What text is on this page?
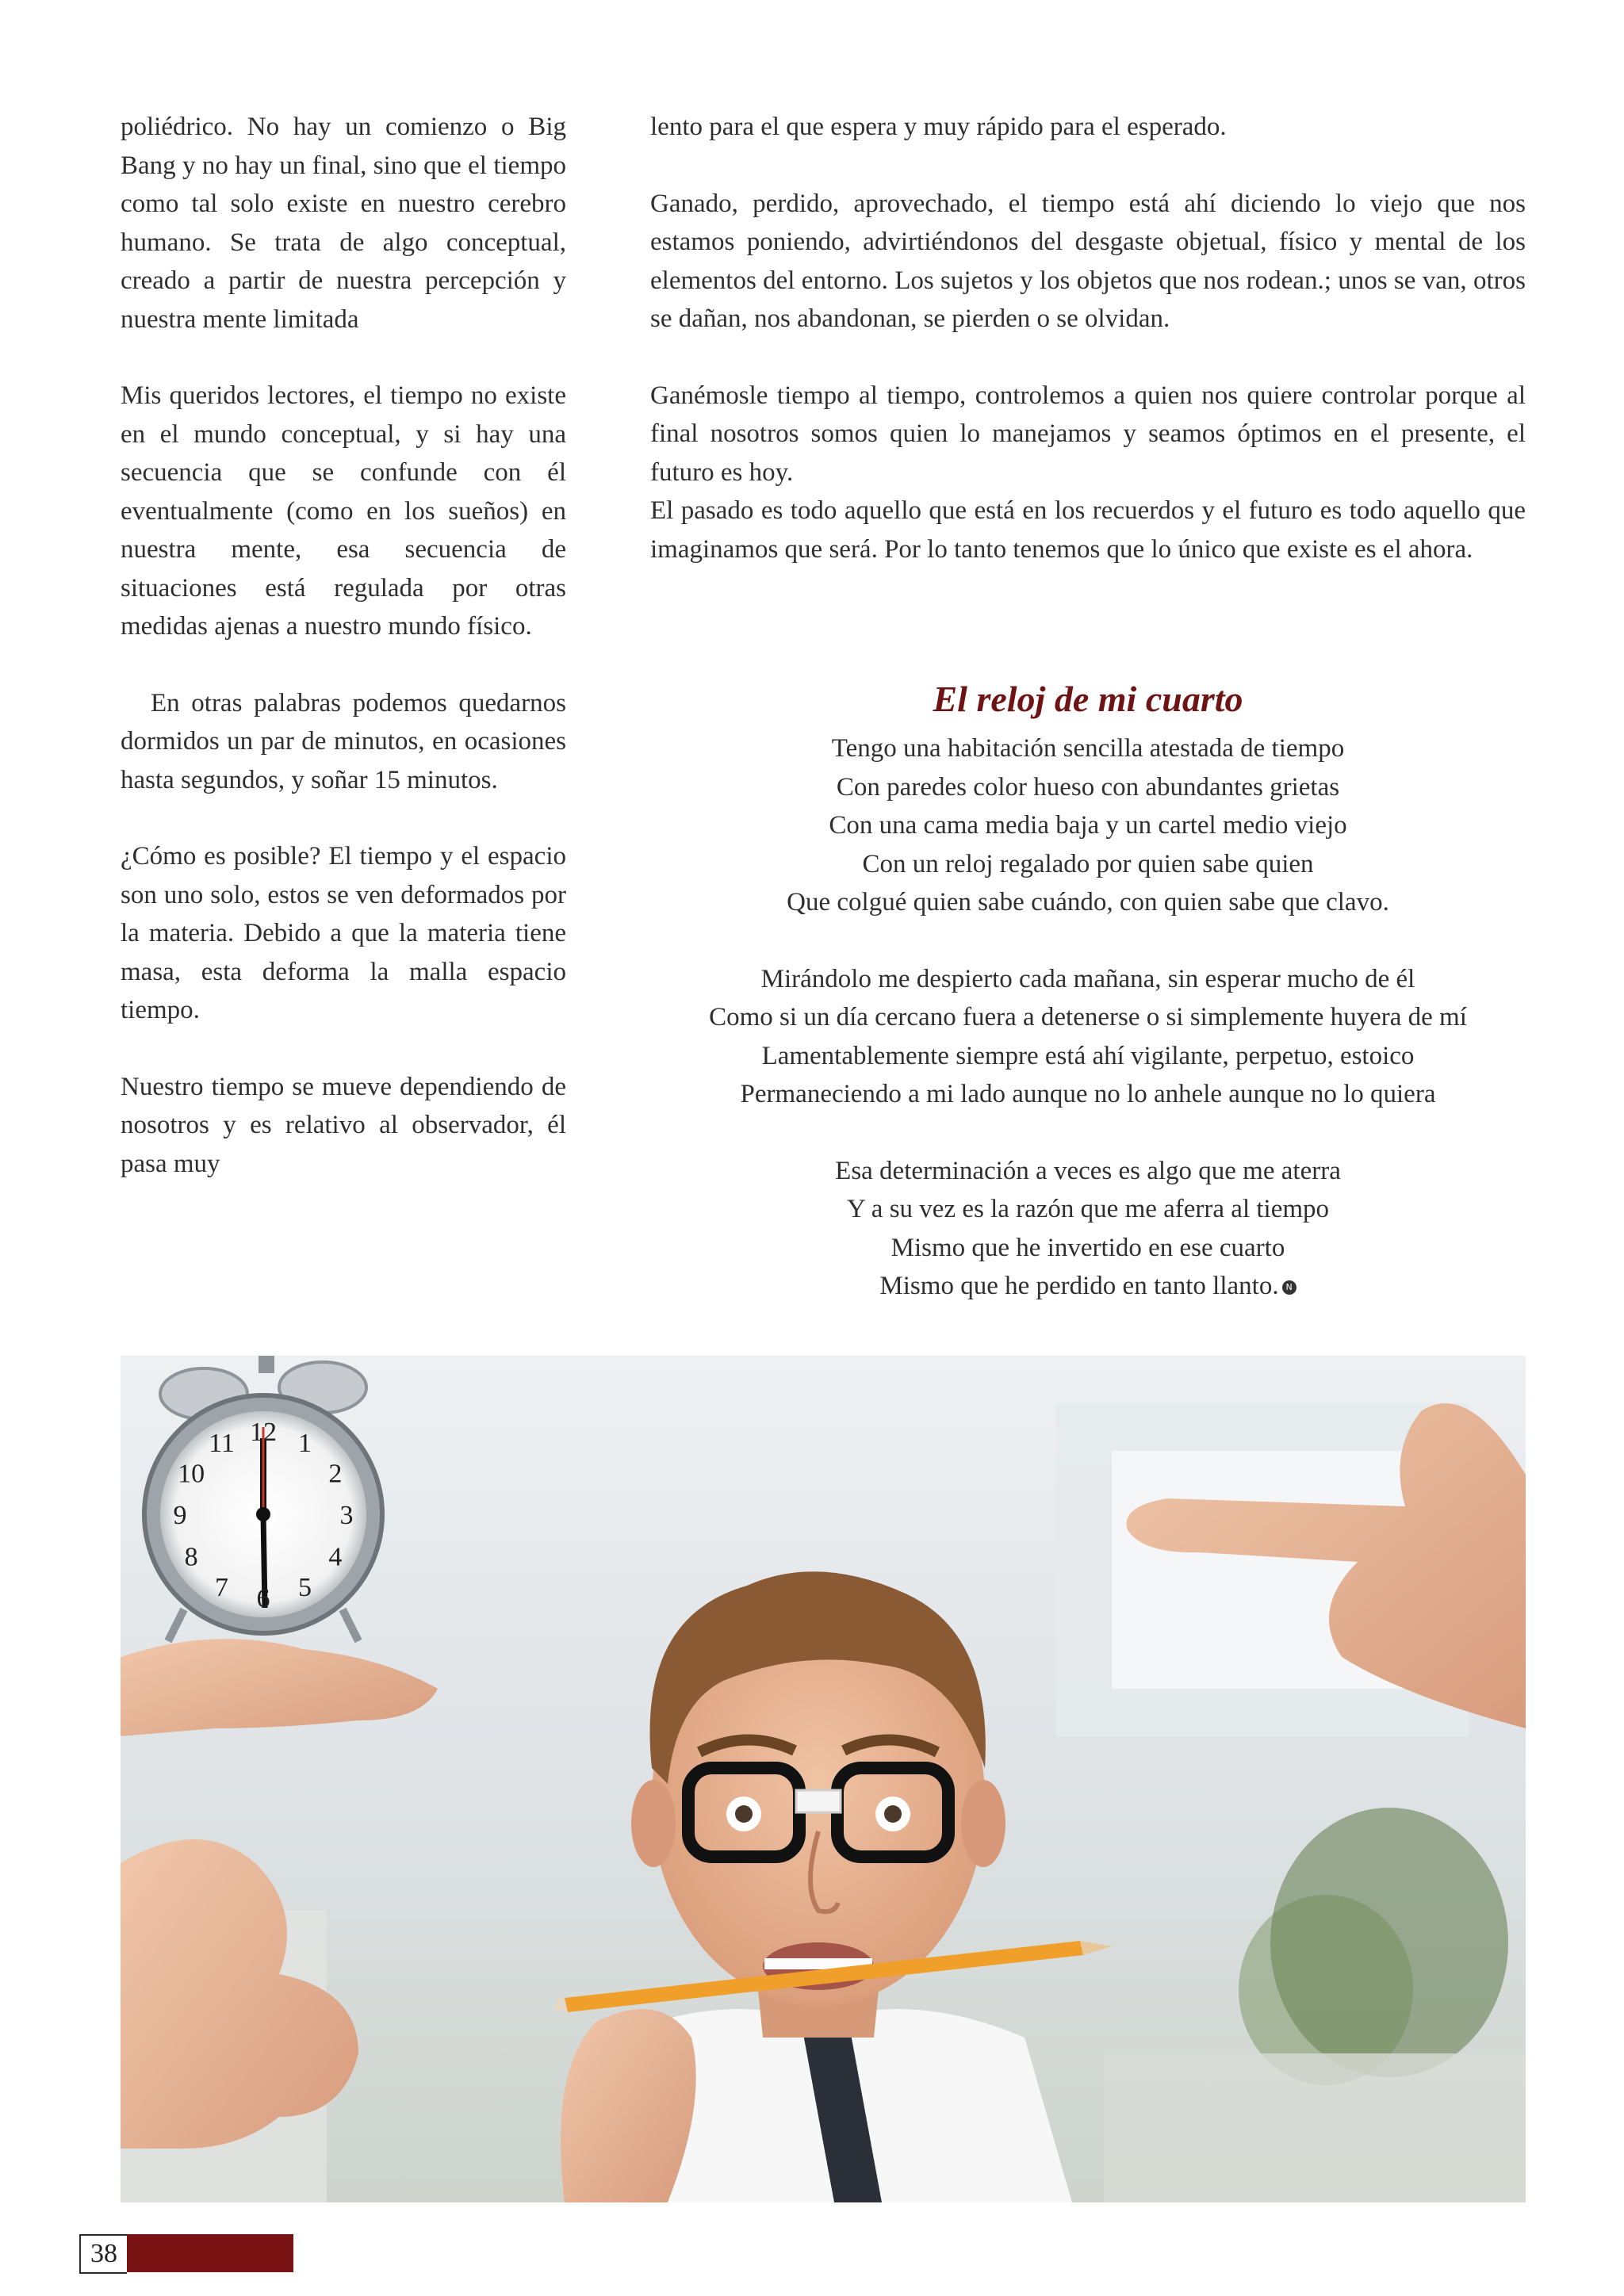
poliédrico. No hay un comienzo o Big Bang y no hay un final, sino que el tiempo como tal solo existe en nuestro cerebro humano. Se trata de algo conceptual, creado a partir de nuestra percepción y nuestra mente limitada

Mis queridos lectores, el tiempo no existe en el mundo conceptual, y si hay una secuencia que se confunde con él eventualmente (como en los sueños) en nuestra mente, esa secuencia de situaciones está regulada por otras medidas ajenas a nuestro mundo físico.

En otras palabras podemos quedarnos dormidos un par de minutos, en ocasiones hasta segundos, y soñar 15 minutos.

¿Cómo es posible? El tiempo y el espacio son uno solo, estos se ven deformados por la materia. Debido a que la materia tiene masa, esta deforma la malla espacio tiempo.

Nuestro tiempo se mueve dependiendo de nosotros y es relativo al observador, él pasa muy

lento para el que espera y muy rápido para el esperado.

Ganado, perdido, aprovechado, el tiempo está ahí diciendo lo viejo que nos estamos poniendo, advirtiéndonos del desgaste objetual, físico y mental de los elementos del entorno. Los sujetos y los objetos que nos rodean.; unos se van, otros se dañan, nos abandonan, se pierden o se olvidan.

Ganémosle tiempo al tiempo, controlemos a quien nos quiere controlar porque al final nosotros somos quien lo manejamos y seamos óptimos en el presente, el futuro es hoy.

El pasado es todo aquello que está en los recuerdos y el futuro es todo aquello que imaginamos que será. Por lo tanto tenemos que lo único que existe es el ahora.

El reloj de mi cuarto
Tengo una habitación sencilla atestada de tiempo
Con paredes color hueso con abundantes grietas
Con una cama media baja y un cartel medio viejo
Con un reloj regalado por quien sabe quien
Que colgué quien sabe cuándo, con quien sabe que clavo.
Mirándolo me despierto cada mañana, sin esperar mucho de él
Como si un día cercano fuera a detenerse o si simplemente huyera de mí
Lamentablemente siempre está ahí vigilante, perpetuo, estoico
Permaneciendo a mi lado aunque no lo anhele aunque no lo quiera
Esa determinación a veces es algo que me aterra
Y a su vez es la razón que me aferra al tiempo
Mismo que he invertido en ese cuarto
Mismo que he perdido en tanto llanto. N
12 1
2
3
4
5
6
7
8
9
10
11
38
